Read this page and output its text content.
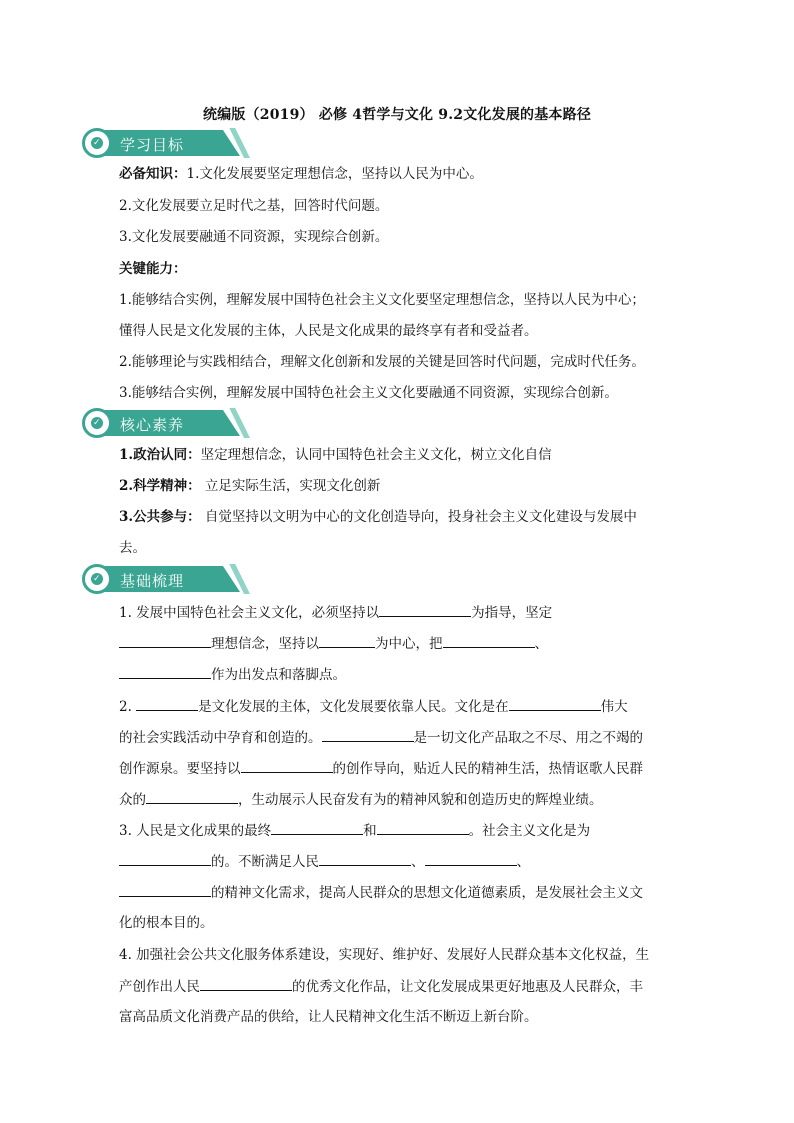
统编版（2019） 必修 4哲学与文化 9.2文化发展的基本路径
✓ 学习目标
必备知识：1.文化发展要坚定理想信念，坚持以人民为中心。
2.文化发展要立足时代之基，回答时代问题。
3.文化发展要融通不同资源，实现综合创新。
关键能力：
1.能够结合实例，理解发展中国特色社会主义文化要坚定理想信念，坚持以人民为中心；
懂得人民是文化发展的主体，人民是文化成果的最终享有者和受益者。
2.能够理论与实践相结合，理解文化创新和发展的关键是回答时代问题，完成时代任务。
3.能够结合实例，理解发展中国特色社会主义文化要融通不同资源，实现综合创新。
✓ 核心素养
1.政治认同：坚定理想信念，认同中国特色社会主义文化，树立文化自信
2.科学精神： 立足实际生活，实现文化创新
3.公共参与： 自觉坚持以文明为中心的文化创造导向，投身社会主义文化建设与发展中
去。
✓ 基础梳理
1. 发展中国特色社会主义文化，必须坚持以	为指导，坚定
理想信念，坚持以	为中心，把	、
作为出发点和落脚点。
2.	是文化发展的主体，文化发展要依靠人民。文化是在	伟大
的社会实践活动中孕育和创造的。	是一切文化产品取之不尽、用之不竭的
创作源泉。要坚持以	的创作导向，贴近人民的精神生活，热情讴歌人民群
众的	，生动展示人民奋发有为的精神风貌和创造历史的辉煌业绩。
3. 人民是文化成果的最终	和	。社会主义文化是为
的。不断满足人民	、	、
的精神文化需求，提高人民群众的思想文化道德素质，是发展社会主义文
化的根本目的。
4. 加强社会公共文化服务体系建设，实现好、维护好、发展好人民群众基本文化权益，生
产创作出人民	的优秀文化作品，让文化发展成果更好地惠及人民群众，丰
富高品质文化消费产品的供给，让人民精神文化生活不断迈上新台阶。
